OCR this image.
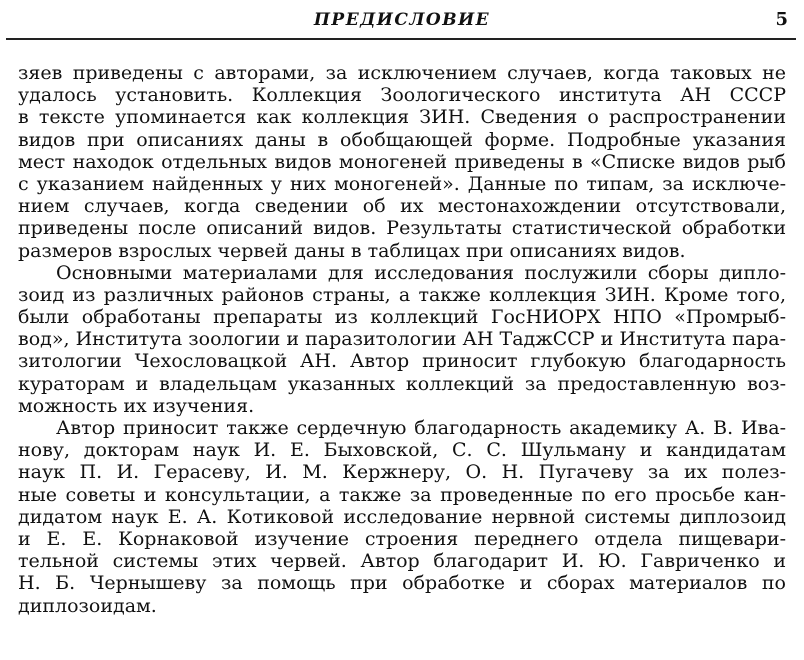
ПРЕДИСЛОВИЕ	5
зяев приведены с авторами, за исключением случаев, когда таковых не
удалось установить. Коллекция Зоологического института АН СССР
в тексте упоминается как коллекция ЗИН. Сведения о распространении
видов при описаниях даны в обобщающей форме. Подробные указания
мест находок отдельных видов моногеней приведены в «Списке видов рыб
с указанием найденных у них моногеней». Данные по типам, за исключе-
нием случаев, когда сведении об их местонахождении отсутствовали,
приведены после описаний видов. Результаты статистической обработки
размеров взрослых червей даны в таблицах при описаниях видов.
Основными материалами для исследования послужили сборы дипло-
зоид из различных районов страны, а также коллекция ЗИН. Кроме того,
были обработаны препараты из коллекций ГосНИОРХ НПО «Промрыб-
вод», Института зоологии и паразитологии АН ТаджССР и Института пара-
зитологии Чехословацкой АН. Автор приносит глубокую благодарность
кураторам и владельцам указанных коллекций за предоставленную воз-
можность их изучения.
Автор приносит также сердечную благодарность академику А. В. Ива-
нову, докторам наук И. Е. Быховской, С. С. Шульману и кандидатам
наук П. И. Герасеву, И. М. Кержнеру, О. Н. Пугачеву за их полез-
ные советы и консультации, а также за проведенные по его просьбе кан-
дидатом наук Е. А. Котиковой исследование нервной системы диплозоид
и Е. Е. Корнаковой изучение строения переднего отдела пищевари-
тельной системы этих червей. Автор благодарит И. Ю. Гавриченко и
Н. Б. Чернышеву за помощь при обработке и сборах материалов по
диплозоидам.
